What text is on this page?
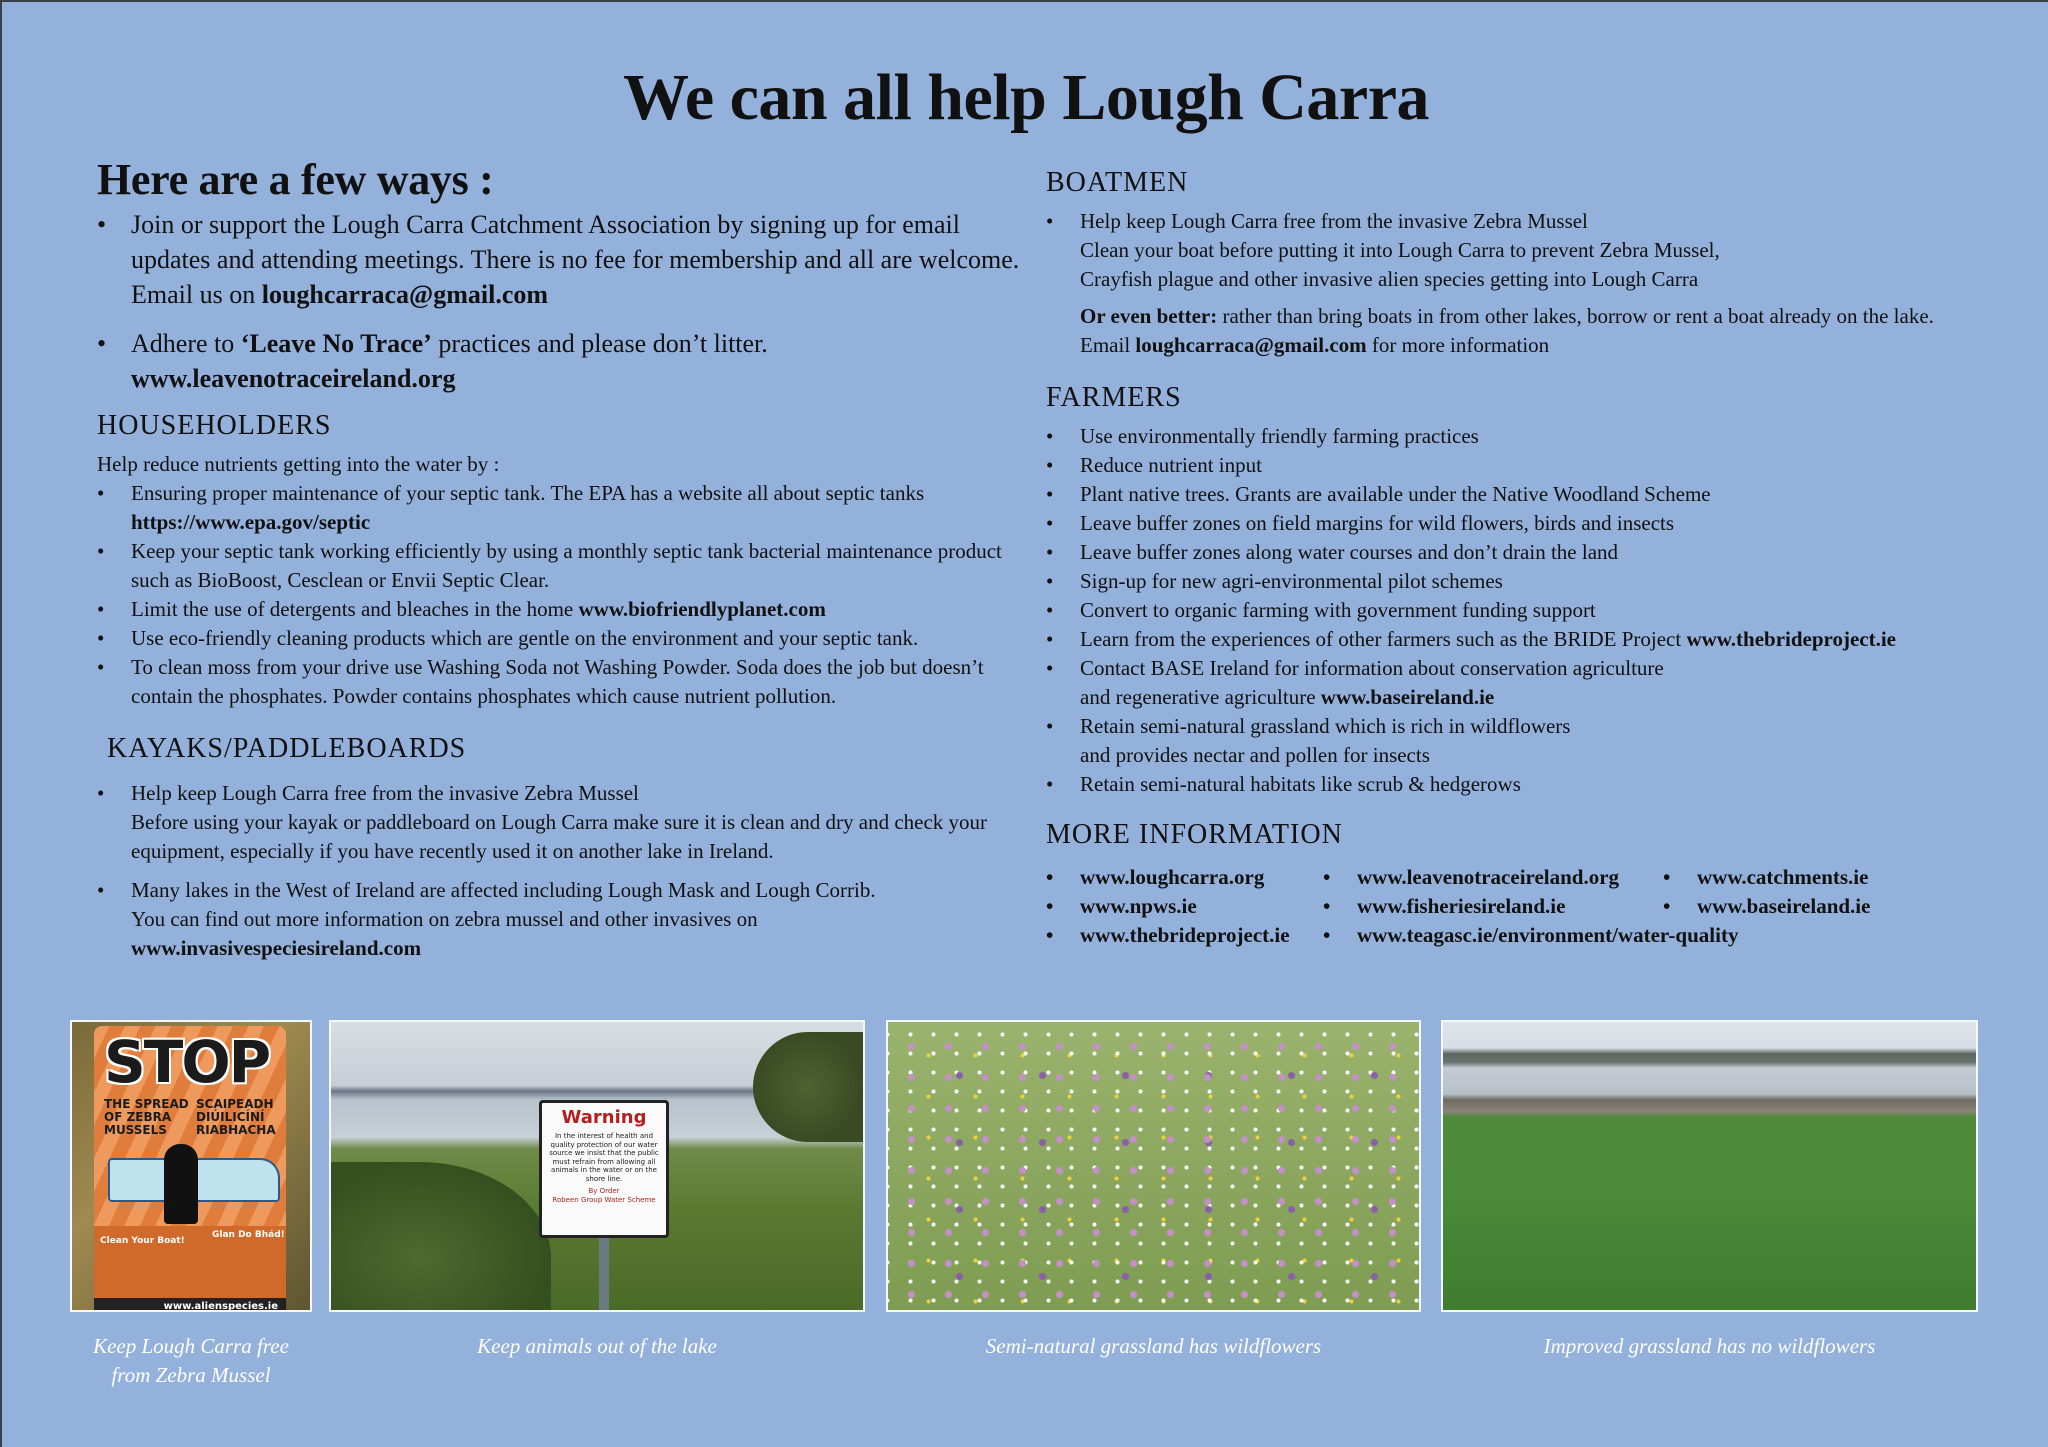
We can all help Lough Carra
Here are a few ways :
• Join or support the Lough Carra Catchment Association by signing up for email updates and attending meetings. There is no fee for membership and all are welcome. Email us on loughcarraca@gmail.com
• Adhere to ‘Leave No Trace’ practices and please don’t litter.
www.leavenotraceireland.org
HOUSEHOLDERS

Help reduce nutrients getting into the water by :

• Ensuring proper maintenance of your septic tank. The EPA has a website all about septic tanks
https://www.epa.gov/septic
• Keep your septic tank working efficiently by using a monthly septic tank bacterial maintenance product such as BioBoost, Cesclean or Envii Septic Clear.
• Limit the use of detergents and bleaches in the home www.biofriendlyplanet.com
• Use eco-friendly cleaning products which are gentle on the environment and your septic tank.
• To clean moss from your drive use Washing Soda not Washing Powder. Soda does the job but doesn’t contain the phosphates. Powder contains phosphates which cause nutrient pollution.
KAYAKS/PADDLEBOARDS
• Help keep Lough Carra free from the invasive Zebra Mussel
Before using your kayak or paddleboard on Lough Carra make sure it is clean and dry and check your equipment, especially if you have recently used it on another lake in Ireland.
• Many lakes in the West of Ireland are affected including Lough Mask and Lough Corrib.
You can find out more information on zebra mussel and other invasives on
www.invasivespeciesireland.com
BOATMEN
• Help keep Lough Carra free from the invasive Zebra Mussel
Clean your boat before putting it into Lough Carra to prevent Zebra Mussel,
Crayfish plague and other invasive alien species getting into Lough Carra

Or even better: rather than bring boats in from other lakes, borrow or rent a boat already on the lake.

Email loughcarraca@gmail.com for more information

FARMERS
• Use environmentally friendly farming practices
• Reduce nutrient input
• Plant native trees. Grants are available under the Native Woodland Scheme
• Leave buffer zones on field margins for wild flowers, birds and insects
• Leave buffer zones along water courses and don’t drain the land
• Sign-up for new agri-environmental pilot schemes
• Convert to organic farming with government funding support
• Learn from the experiences of other farmers such as the BRIDE Project www.thebrideproject.ie
• Contact BASE Ireland for information about conservation agriculture
and regenerative agriculture www.baseireland.ie
• Retain semi-natural grassland which is rich in wildflowers
and provides nectar and pollen for insects
• Retain semi-natural habitats like scrub & hedgerows
MORE INFORMATION
• www.loughcarra.org	• www.leavenotraceireland.org	• www.catchments.ie
• www.npws.ie	• www.fisheriesireland.ie	• www.baseireland.ie
• www.thebrideproject.ie	• www.teagasc.ie/environment/water-quality
STOP
THE SPREAD
OF ZEBRA
MUSSELS
SCAIPEADH
DIÚILICÍNÍ
RIABHACHA
Clean Your Boat!
Glan Do Bhád!
www.alienspecies.ie
Keep Lough Carra free
from Zebra Mussel
Warning
In the interest of health and quality protection of our water source we insist that the public must refrain from allowing all animals in the water or on the shore line.
By Order
Robeen Group Water Scheme
Keep animals out of the lake	Semi-natural grassland has wildflowers	Improved grassland has no wildflowers
